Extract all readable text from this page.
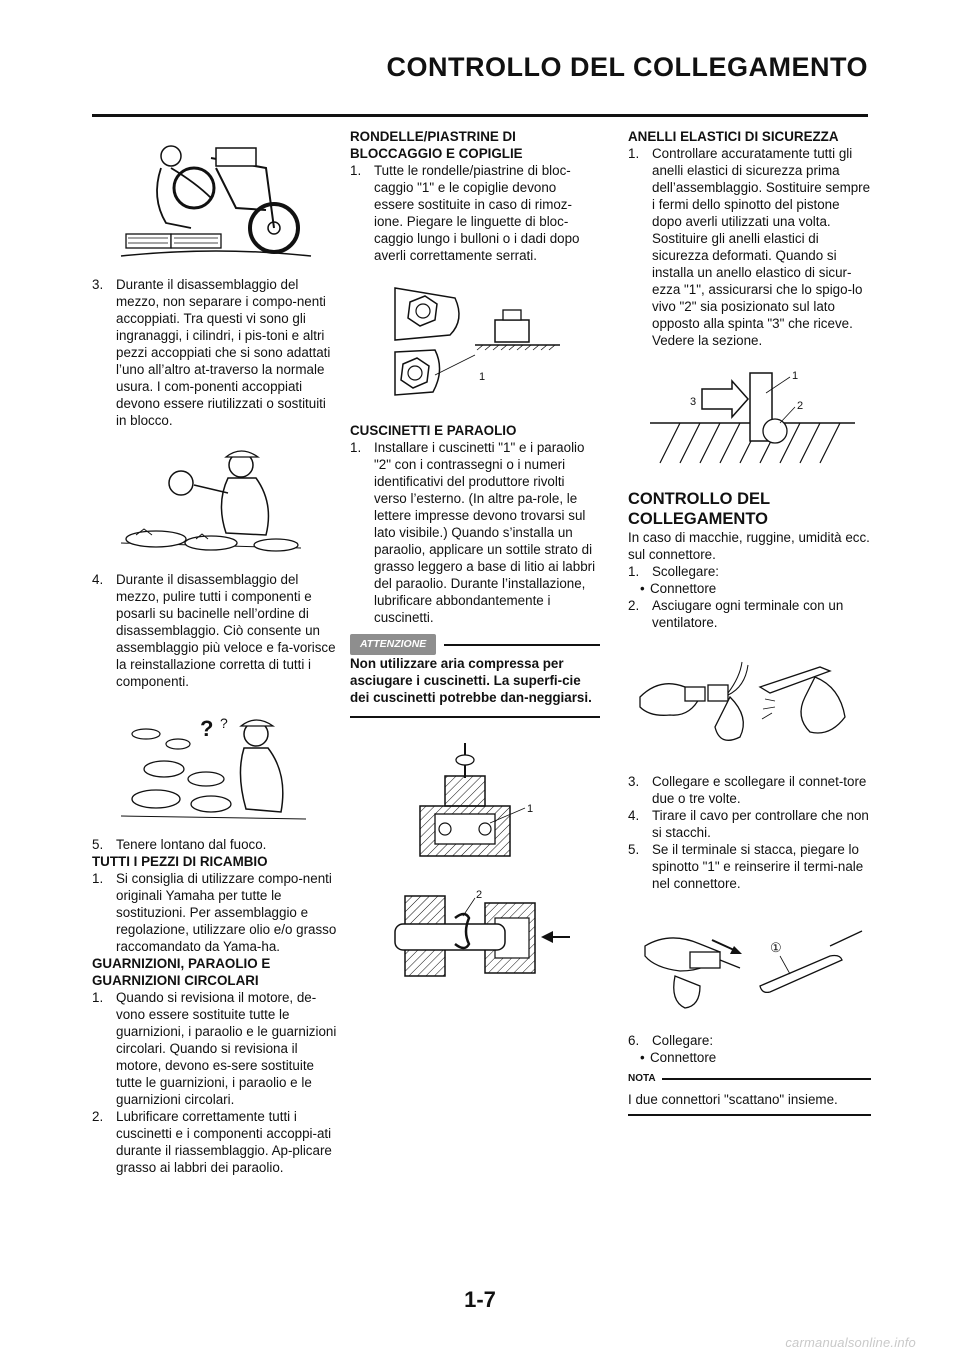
CONTROLLO DEL COLLEGAMENTO
3. Durante il disassemblaggio del mezzo, non separare i compo-nenti accoppiati. Tra questi vi sono gli ingranaggi, i cilindri, i pis-toni e altri pezzi accoppiati che si sono adattati l’uno all’altro at-traverso la normale usura. I com-ponenti accoppiati devono essere riutilizzati o sostituiti in blocco.

4. Durante il disassemblaggio del mezzo, pulire tutti i componenti e posarli su bacinelle nell’ordine di disassemblaggio. Ciò consente un assemblaggio più veloce e fa-vorisce la reinstallazione corretta di tutti i componenti.

? ?
5. Tenere lontano dal fuoco.

TUTTI I PEZZI DI RICAMBIO

1. Si consiglia di utilizzare compo-nenti originali Yamaha per tutte le sostituzioni. Per assemblaggio e regolazione, utilizzare olio e/o grasso raccomandato da Yama-ha.

GUARNIZIONI, PARAOLIO E GUARNIZIONI CIRCOLARI

1. Quando si revisiona il motore, de-vono essere sostituite tutte le guarnizioni, i paraolio e le guarnizioni circolari. Quando si revisiona il motore, devono es-sere sostituite tutte le guarnizioni, i paraolio e le guarnizioni circolari.

2. Lubrificare correttamente tutti i cuscinetti e i componenti accoppi-ati durante il riassemblaggio. Ap-plicare grasso ai labbri dei paraolio.

RONDELLE/PIASTRINE DI BLOCCAGGIO E COPIGLIE

1. Tutte le rondelle/piastrine di bloc-caggio "1" e le copiglie devono essere sostituite in caso di rimoz-ione. Piegare le linguette di bloc-caggio lungo i bulloni o i dadi dopo averli correttamente serrati.

1

CUSCINETTI E PARAOLIO

1. Installare i cuscinetti "1" e i paraolio "2" con i contrassegni o i numeri identificativi del produttore rivolti verso l’esterno. (In altre pa-role, le lettere impresse devono trovarsi sul lato visibile.) Quando s’installa un paraolio, applicare un sottile strato di grasso leggero a base di litio ai labbri del paraolio. Durante l’installazione, lubrificare abbondantemente i cuscinetti.

ATTENZIONE

Non utilizzare aria compressa per asciugare i cuscinetti. La superfi-cie dei cuscinetti potrebbe dan-neggiarsi.

1
2

ANELLI ELASTICI DI SICUREZZA

1. Controllare accuratamente tutti gli anelli elastici di sicurezza prima dell’assemblaggio. Sostituire sempre i fermi dello spinotto del pistone dopo averli utilizzati una volta. Sostituire gli anelli elastici di sicurezza deformati. Quando si installa un anello elastico di sicur-ezza "1", assicurarsi che lo spigo-lo vivo "2" sia posizionato sul lato opposto alla spinta "3" che riceve. Vedere la sezione.

3
1
2

CONTROLLO DEL COLLEGAMENTO

In caso di macchie, ruggine, umidità ecc. sul connettore.

1. Scollegare:

• Connettore
2. Asciugare ogni terminale con un ventilatore.

3. Collegare e scollegare il connet-tore due o tre volte.

4. Tirare il cavo per controllare che non si stacchi.

5. Se il terminale si stacca, piegare lo spinotto "1" e reinserire il termi-nale nel connettore.

①
6. Collegare:

• Connettore
NOTA

I due connettori "scattano" insieme.

1-7
carmanualsonline.info
